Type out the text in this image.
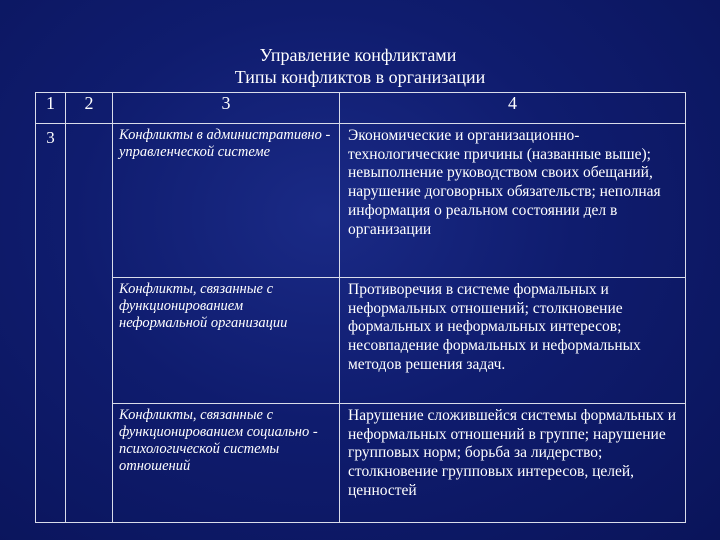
Управление конфликтами
Типы конфликтов в организации
1	2	3	4

3		Конфликты в административно - управленческой системе	Экономические и организационно-технологические причины (названные выше); невыполнение руководством своих обещаний, нарушение договорных обязательств; неполная информация о реальном состоянии дел в организации
		Конфликты, связанные с функционированием неформальной организации	Противоречия в системе формальных и неформальных отношений; столкновение формальных и неформальных интересов; несовпадение формальных и неформальных методов решения задач.
		Конфликты, связанные с функционированием социально - психологической системы отношений	Нарушение сложившейся системы формальных и неформальных отношений в группе; нарушение групповых норм; борьба за лидерство; столкновение групповых интересов, целей, ценностей
